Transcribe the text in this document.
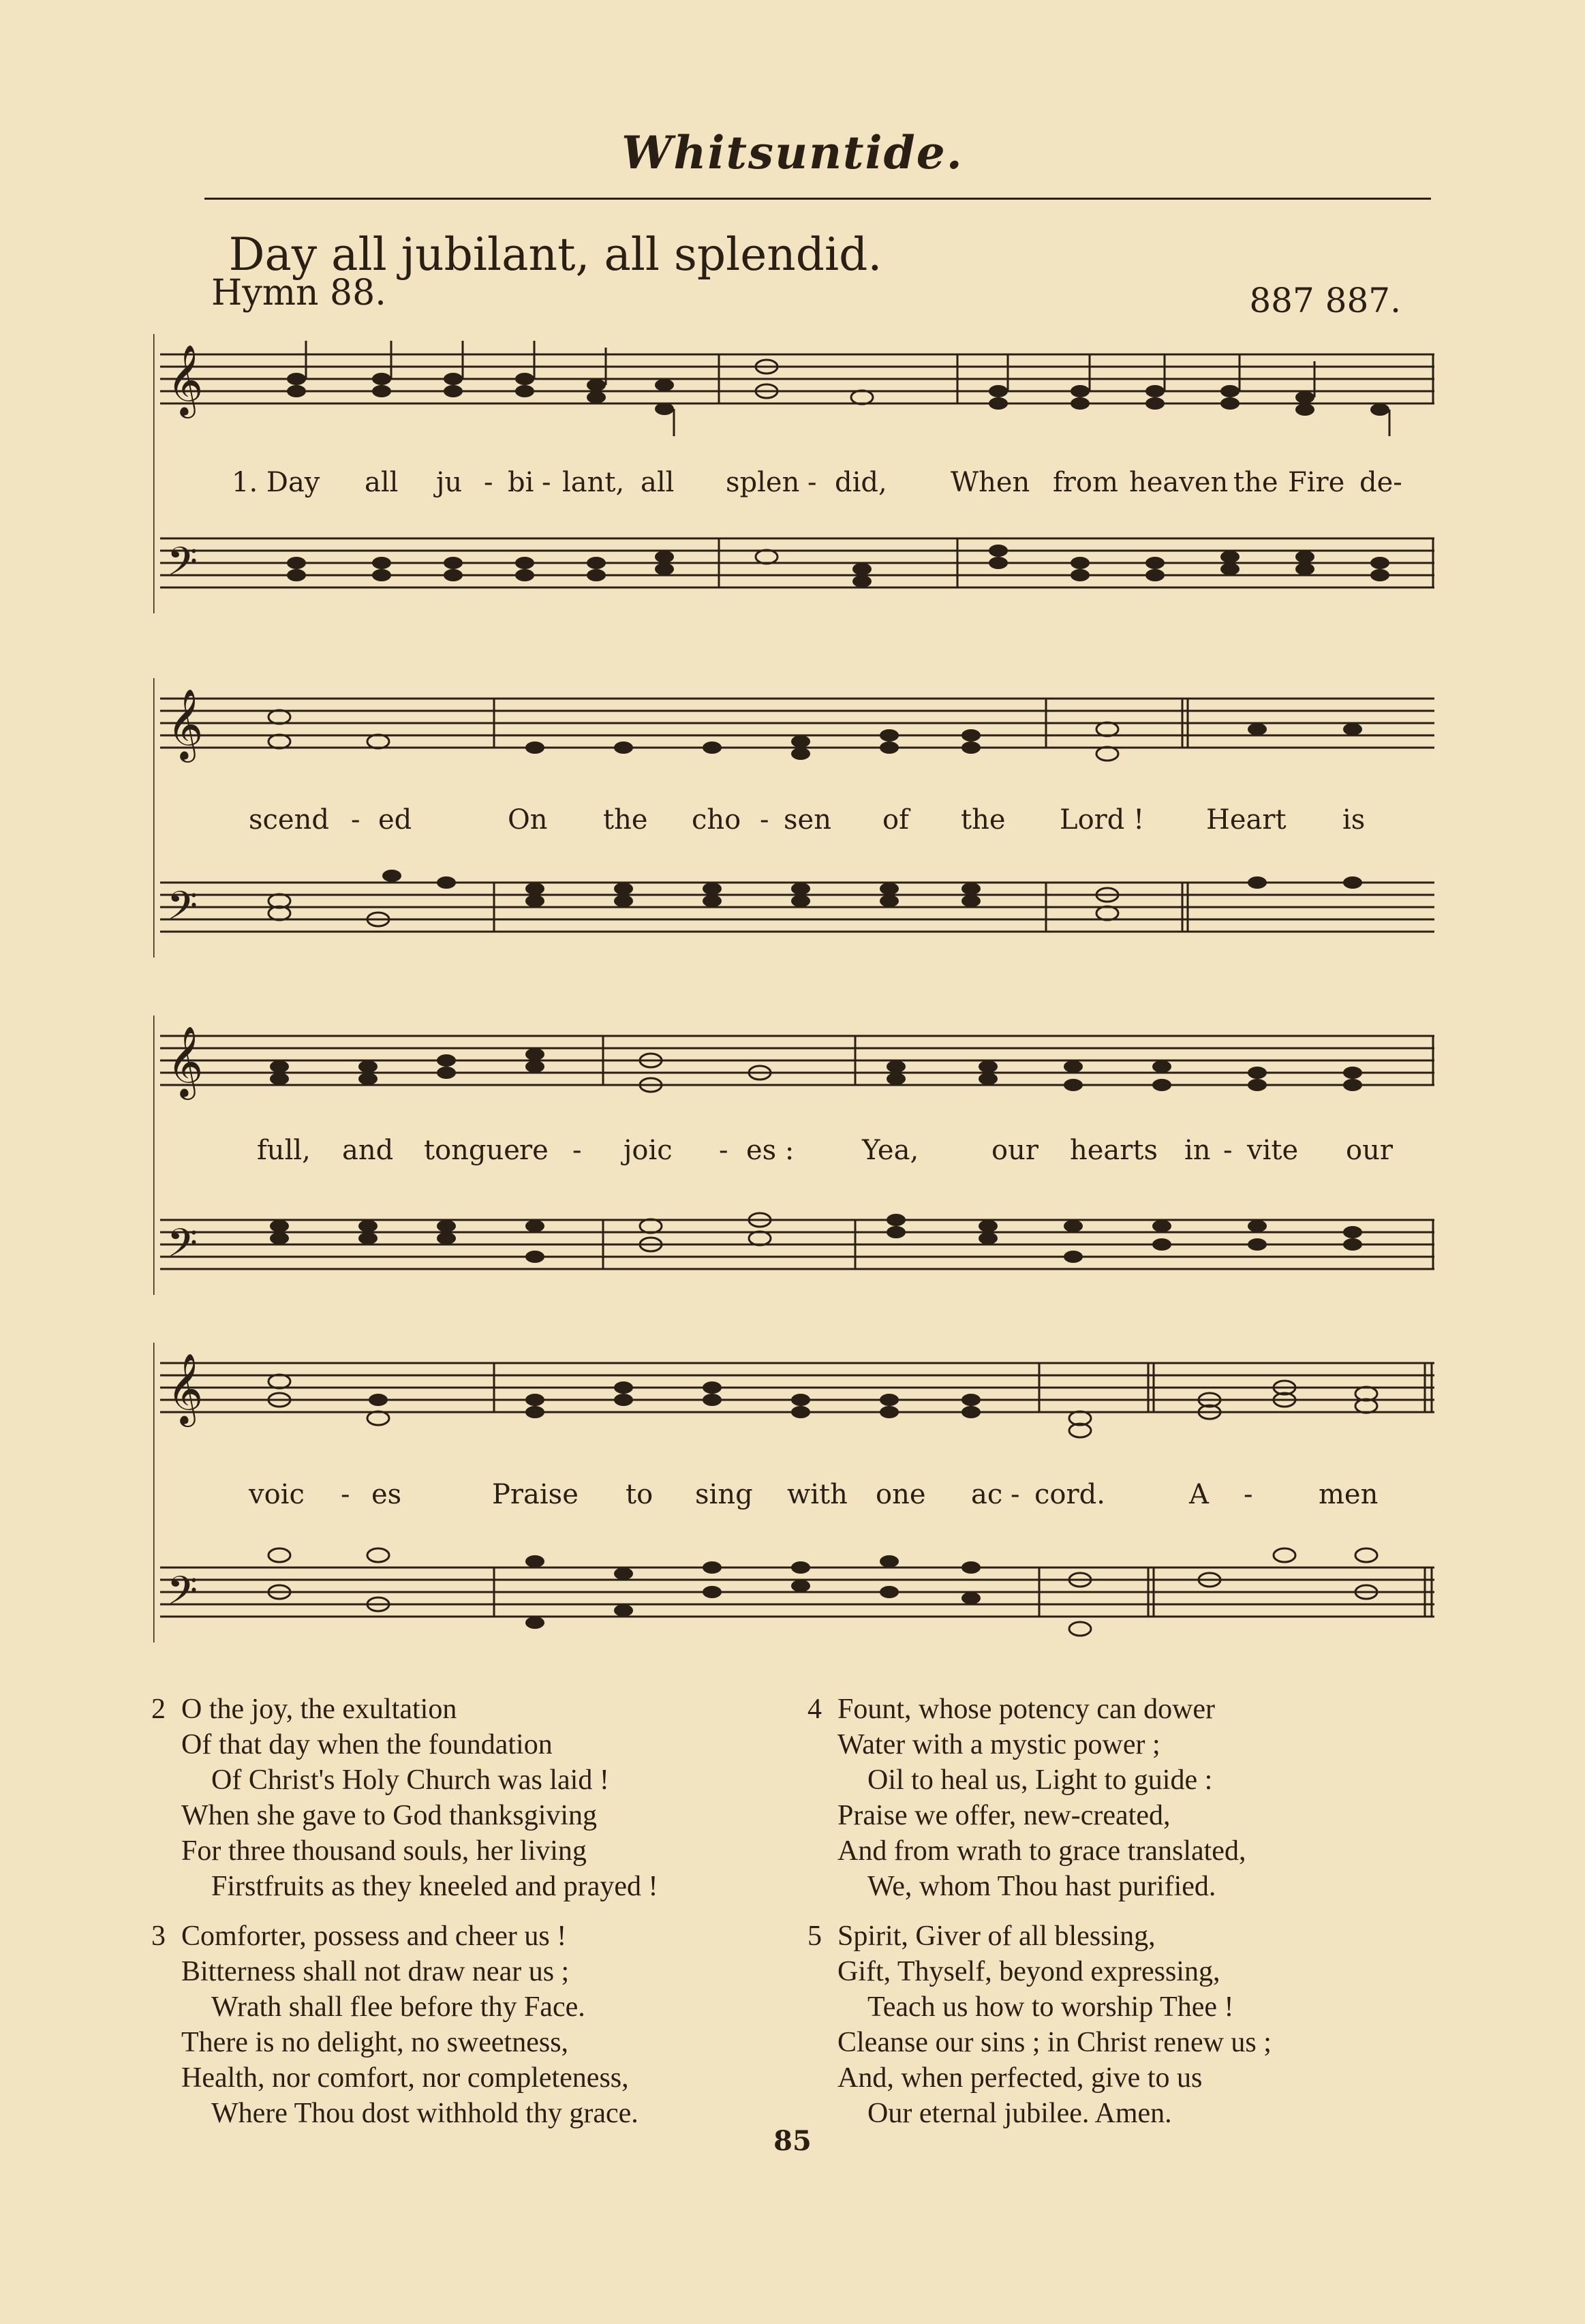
Whitsuntide.
Day all jubilant, all splendid.
Hymn 88.	887 887.
𝄞
𝄢
1. Day all ju - bi - lant, all splen - did, When from heaven the Fire de-
𝄞
𝄢
scend - ed	On the cho - sen of the Lord ! Heart is
𝄞
𝄢
full, and tongue re - joic - es : Yea,	our hearts in - vite our
𝄞
𝄢
voic - es	Praise to sing with one ac - cord.	A - men
2 O the joy, the exultation
Of that day when the foundation
Of Christ's Holy Church was laid !
When she gave to God thanksgiving
For three thousand souls, her living
Firstfruits as they kneeled and prayed !
3 Comforter, possess and cheer us !
Bitterness shall not draw near us ;
Wrath shall flee before thy Face.
There is no delight, no sweetness,
Health, nor comfort, nor completeness,
Where Thou dost withhold thy grace.
4 Fount, whose potency can dower
Water with a mystic power ;
Oil to heal us, Light to guide :
Praise we offer, new-created,
And from wrath to grace translated,
We, whom Thou hast purified.
5 Spirit, Giver of all blessing,
Gift, Thyself, beyond expressing,
Teach us how to worship Thee !
Cleanse our sins ; in Christ renew us ;
And, when perfected, give to us
Our eternal jubilee. Amen.
85
